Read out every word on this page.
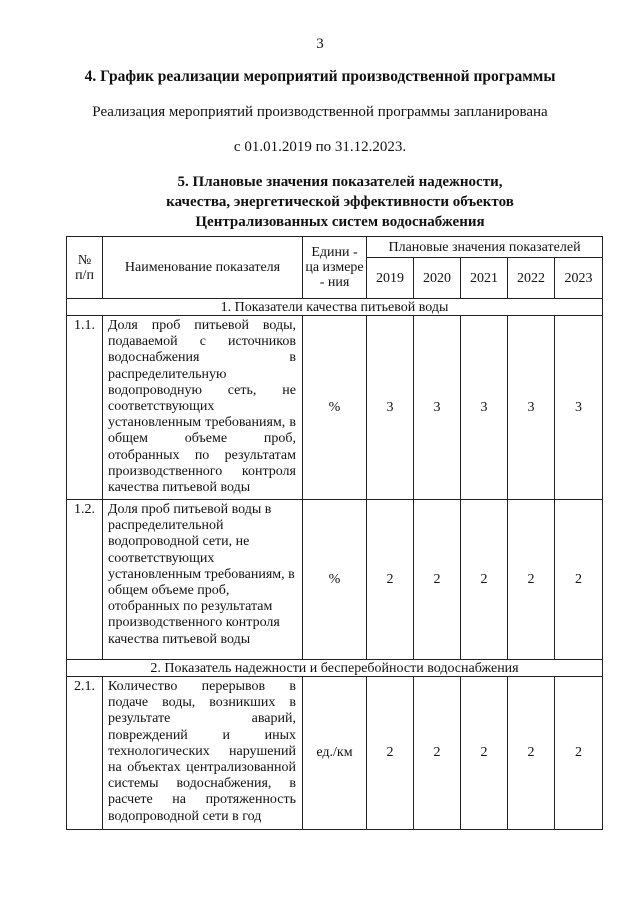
3
4. График реализации мероприятий производственной программы
Реализация мероприятий производственной программы запланирована
с 01.01.2019 по 31.12.2023.
5. Плановые значения показателей надежности,
качества, энергетической эффективности объектов
Централизованных систем водоснабжения
№ п/п	Наименование показателя	Едини - ца измере - ния	Плановые значения показателей				
			2019	2020	2021	2022	2023
1. Показатели качества питьевой воды							
1.1.	Доля проб питьевой воды, подаваемой с источников водоснабжения в распределительную водопроводную сеть, не соответствующих установленным требованиям, в общем объеме проб, отобранных по результатам производственного контроля качества питьевой воды	%	3	3	3	3	3
1.2.	Доля проб питьевой воды в распределительной водопроводной сети, не соответствующих установленным требованиям, в общем объеме проб, отобранных по результатам производственного контроля качества питьевой воды	%	2	2	2	2	2
2. Показатель надежности и бесперебойности водоснабжения							
2.1.	Количество перерывов в подаче воды, возникших в результате аварий, повреждений и иных технологических нарушений на объектах централизованной системы водоснабжения, в расчете на протяженность водопроводной сети в год	ед./км	2	2	2	2	2
